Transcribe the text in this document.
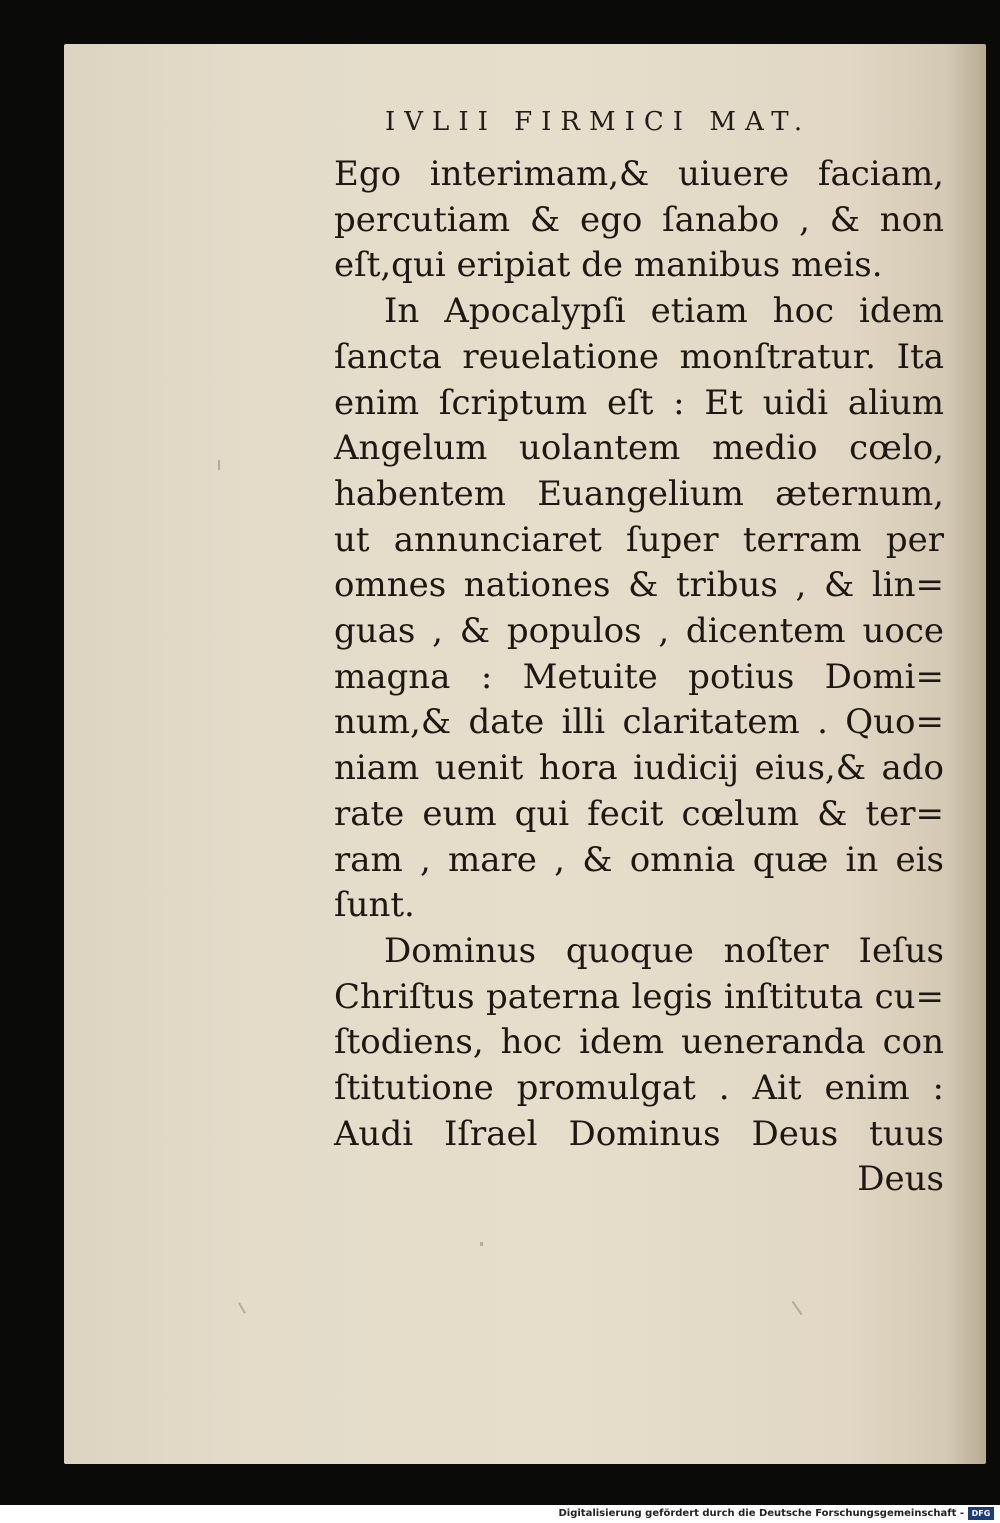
IVLII FIRMICI MAT.
Ego interimam,& uiuere faciam,
percutiam & ego ſanabo , & non
eſt,qui eripiat de manibus meis.
In Apocalypſi etiam hoc idem
ſancta reuelatione monſtratur. Ita
enim ſcriptum eſt : Et uidi alium
Angelum uolantem medio cœlo,
habentem Euangelium æternum,
ut annunciaret ſuper terram per
omnes nationes & tribus , & lin=
guas , & populos , dicentem uoce
magna : Metuite potius Domi=
num,& date illi claritatem . Quo=
niam uenit hora iudicij eius,& ado
rate eum qui fecit cœlum & ter=
ram , mare , & omnia quæ in eis
ſunt.
Dominus quoque noſter Ieſus
Chriſtus paterna legis inſtituta cu=
ſtodiens, hoc idem ueneranda con
ſtitutione promulgat . Ait enim :
Audi Iſrael Dominus Deus tuus
Deus
Digitalisierung gefördert durch die Deutsche Forschungsgemeinschaft - DFG
